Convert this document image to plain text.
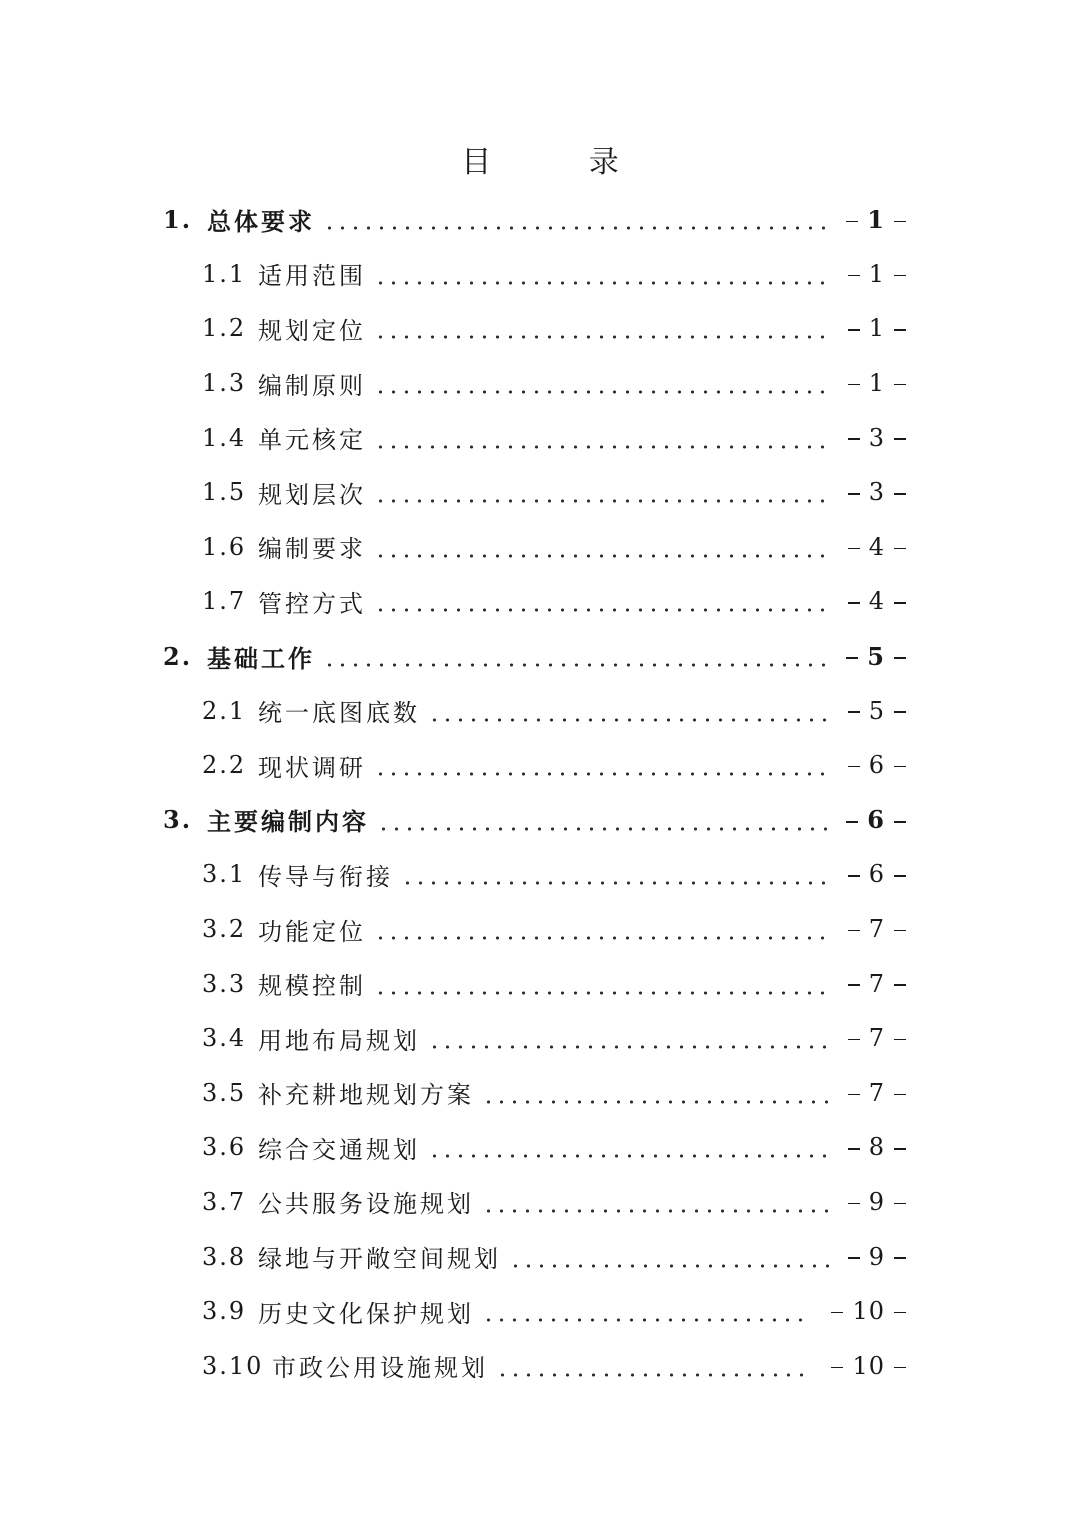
目 录
1. 总体要求	1
1.1 适用范围	1
1.2 规划定位	1
1.3 编制原则	1
1.4 单元核定	3
1.5 规划层次	3
1.6 编制要求	4
1.7 管控方式	4
2. 基础工作	5
2.1 统一底图底数	5
2.2 现状调研	6
3. 主要编制内容	6
3.1 传导与衔接	6
3.2 功能定位	7
3.3 规模控制	7
3.4 用地布局规划	7
3.5 补充耕地规划方案	7
3.6 综合交通规划	8
3.7 公共服务设施规划	9
3.8 绿地与开敞空间规划	9
3.9 历史文化保护规划	10
3.10 市政公用设施规划	10
